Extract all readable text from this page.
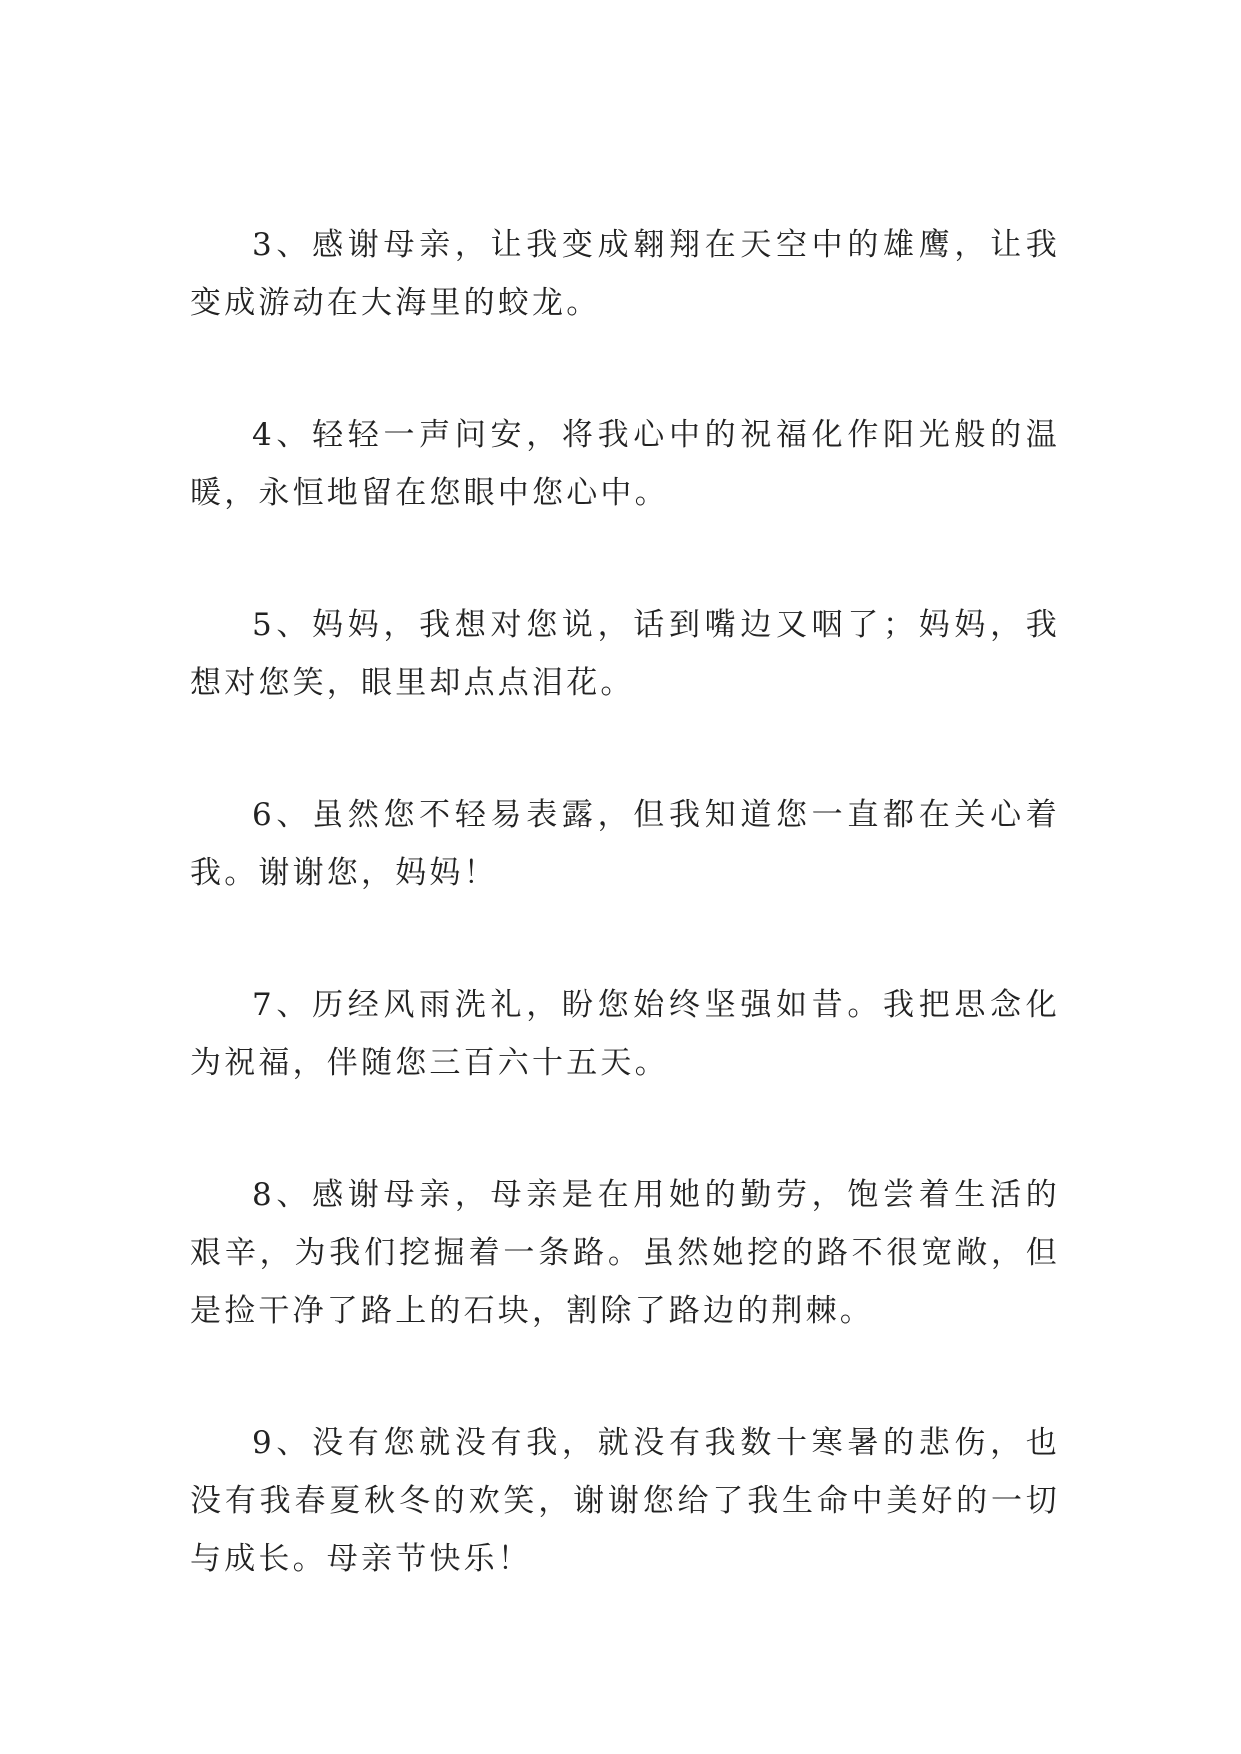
3、感谢母亲，让我变成翱翔在天空中的雄鹰，让我变成游动在大海里的蛟龙。

4、轻轻一声问安，将我心中的祝福化作阳光般的温暖，永恒地留在您眼中您心中。

5、妈妈，我想对您说，话到嘴边又咽了；妈妈，我想对您笑，眼里却点点泪花。

6、虽然您不轻易表露，但我知道您一直都在关心着我。谢谢您，妈妈！

7、历经风雨洗礼，盼您始终坚强如昔。我把思念化为祝福，伴随您三百六十五天。

8、感谢母亲，母亲是在用她的勤劳，饱尝着生活的艰辛，为我们挖掘着一条路。虽然她挖的路不很宽敞，但是捡干净了路上的石块，割除了路边的荆棘。

9、没有您就没有我，就没有我数十寒暑的悲伤，也没有我春夏秋冬的欢笑，谢谢您给了我生命中美好的一切与成长。母亲节快乐！
